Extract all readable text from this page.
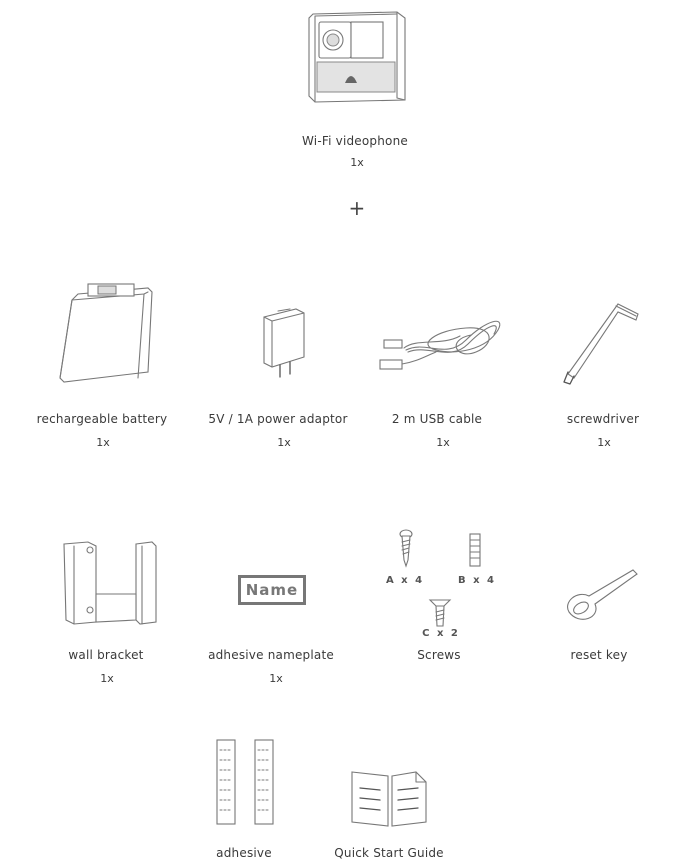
Wi-Fi videophone
1x
+
rechargeable battery
1x
5V / 1A power adaptor
1x
2 m USB cable
1x
screwdriver
1x
wall bracket
1x
Name
adhesive nameplate
1x
A x 4	B x 4
C x 2
Screws	reset key
adhesive	Quick Start Guide
